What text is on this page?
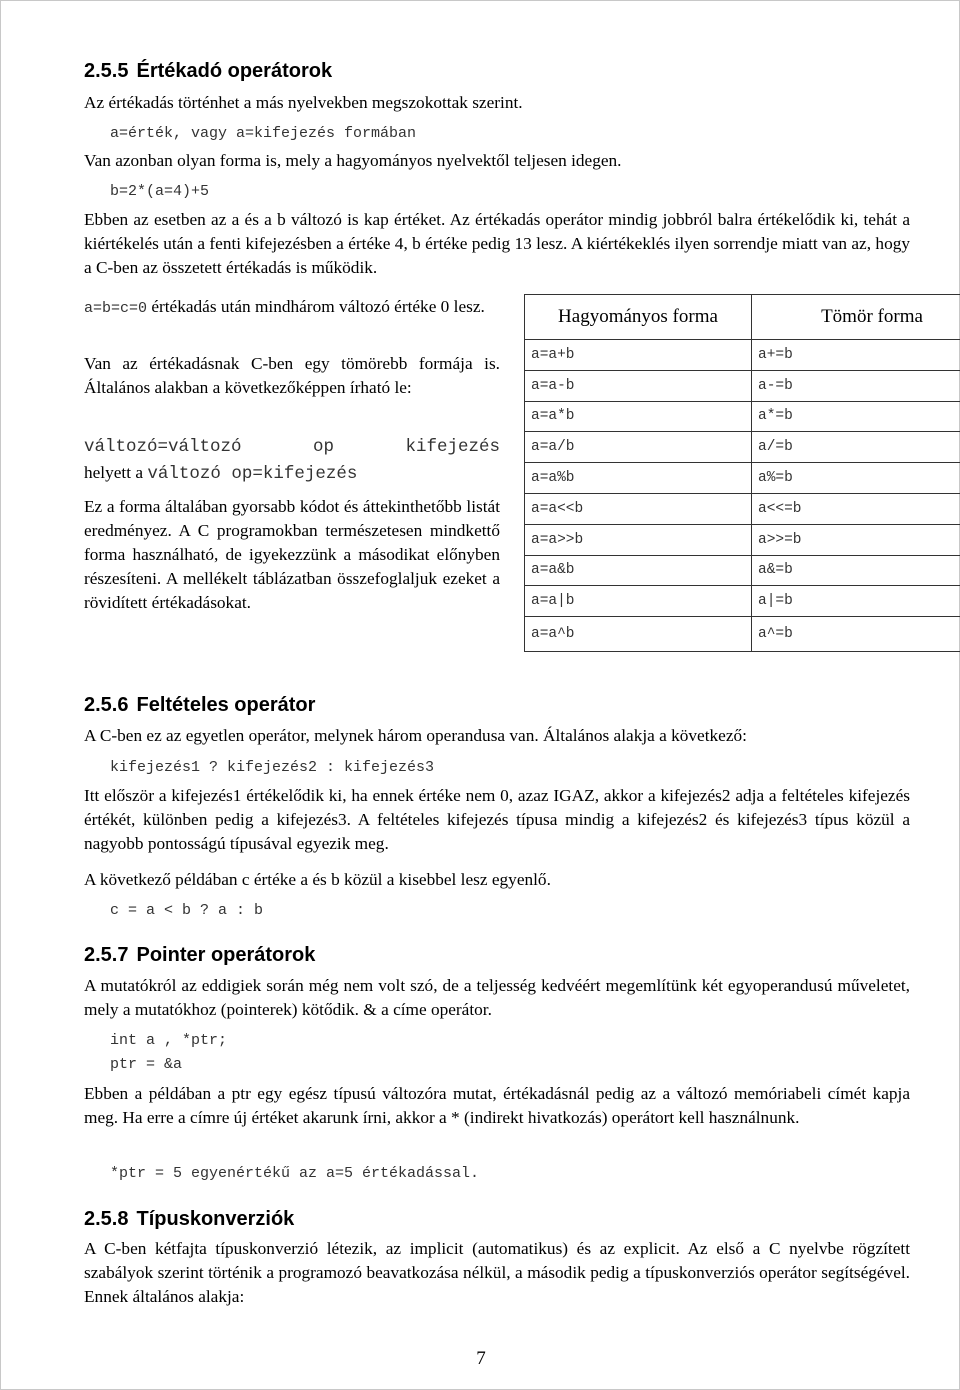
2.5.5 Értékadó operátorok

Az értékadás történhet a más nyelvekben megszokottak szerint.

a=érték, vagy a=kifejezés formában

Van azonban olyan forma is, mely a hagyományos nyelvektől teljesen idegen.

b=2*(a=4)+5

Ebben az esetben az a és a b változó is kap értéket. Az értékadás operátor mindig jobbról balra értékelődik ki, tehát a kiértékelés után a fenti kifejezésben a értéke 4, b értéke pedig 13 lesz. A kiértékeklés ilyen sorrendje miatt van az, hogy a C-ben az összetett értékadás is működik.

a=b=c=0 értékadás után mindhárom változó értéke 0 lesz.

Van az értékadásnak C-ben egy tömörebb formája is. Általános alakban a következőképpen írható le:

változó=változó	op	kifejezés
helyett a változó op=kifejezés

Ez a forma általában gyorsabb kódot és áttekinthetőbb listát eredményez. A C programokban természetesen mindkettő forma használható, de igyekezzünk a másodikat előnyben részesíteni. A mellékelt táblázatban összefoglaljuk ezeket a rövidített értékadásokat.

Hagyományos forma	Tömör forma
a=a+b	a+=b
a=a-b	a-=b
a=a*b	a*=b
a=a/b	a/=b
a=a%b	a%=b
a=a<<b	a<<=b
a=a>>b	a>>=b
a=a&b	a&=b
a=a|b	a|=b
a=a^b	a^=b
2.5.6 Feltételes operátor

A C-ben ez az egyetlen operátor, melynek három operandusa van. Általános alakja a következő:

kifejezés1 ? kifejezés2 : kifejezés3

Itt először a kifejezés1 értékelődik ki, ha ennek értéke nem 0, azaz IGAZ, akkor a kifejezés2 adja a feltételes kifejezés értékét, különben pedig a kifejezés3. A feltételes kifejezés típusa mindig a kifejezés2 és kifejezés3 típus közül a nagyobb pontosságú típusával egyezik meg.

A következő példában c értéke a és b közül a kisebbel lesz egyenlő.

c = a < b ? a : b
2.5.7 Pointer operátorok

A mutatókról az eddigiek során még nem volt szó, de a teljesség kedvéért megemlítünk két egyoperandusú műveletet, mely a mutatókhoz (pointerek) kötődik. & a címe operátor.

int a , *ptr;
ptr = &a

Ebben a példában a ptr egy egész típusú változóra mutat, értékadásnál pedig az a változó memóriabeli címét kapja meg. Ha erre a címre új értéket akarunk írni, akkor a * (indirekt hivatkozás) operátort kell használnunk.

*ptr = 5 egyenértékű az a=5 értékadással.
2.5.8 Típuskonverziók

A C-ben kétfajta típuskonverzió létezik, az implicit (automatikus) és az explicit. Az első a C nyelvbe rögzített szabályok szerint történik a programozó beavatkozása nélkül, a második pedig a típuskonverziós operátor segítségével. Ennek általános alakja:

7
